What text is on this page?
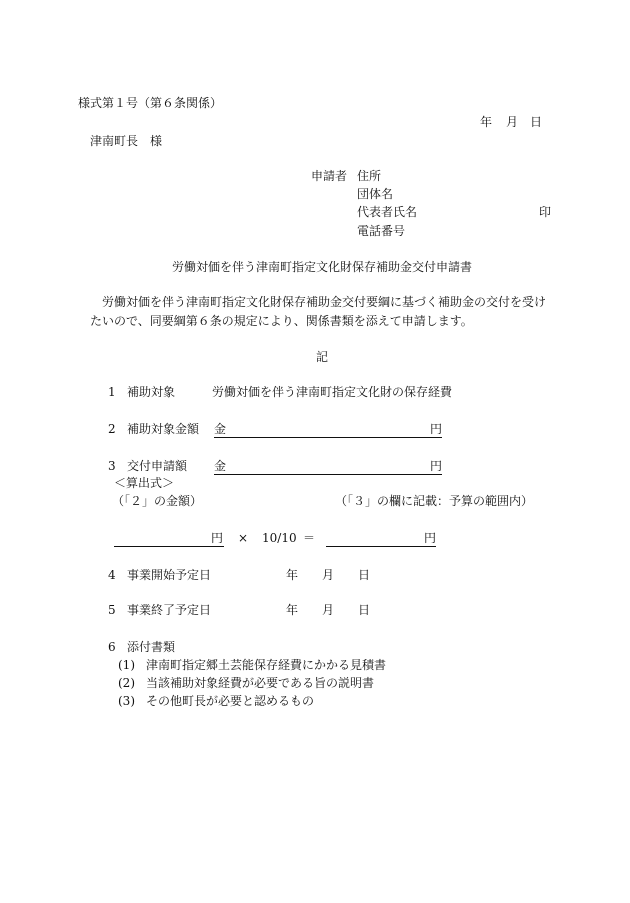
様式第１号（第６条関係）
年 月 日
津南町長　様
申請者 住所
団体名
代表者氏名	印
電話番号
労働対価を伴う津南町指定文化財保存補助金交付申請書
労働対価を伴う津南町指定文化財保存補助金交付要綱に基づく補助金の交付を受け
たいので、同要綱第６条の規定により、関係書類を添えて申請します。
記
1 補助対象	労働対価を伴う津南町指定文化財の保存経費
2 補助対象金額 金	円
3 交付申請額 金	円
＜算出式＞
（「２」の金額）	（「３」の欄に記載：予算の範囲内）
円 × 10/10 ＝	円
4 事業開始予定日	年 月 日
5 事業終了予定日	年 月 日
6 添付書類
(1) 津南町指定郷土芸能保存経費にかかる見積書
(2) 当該補助対象経費が必要である旨の説明書
(3) その他町長が必要と認めるもの
